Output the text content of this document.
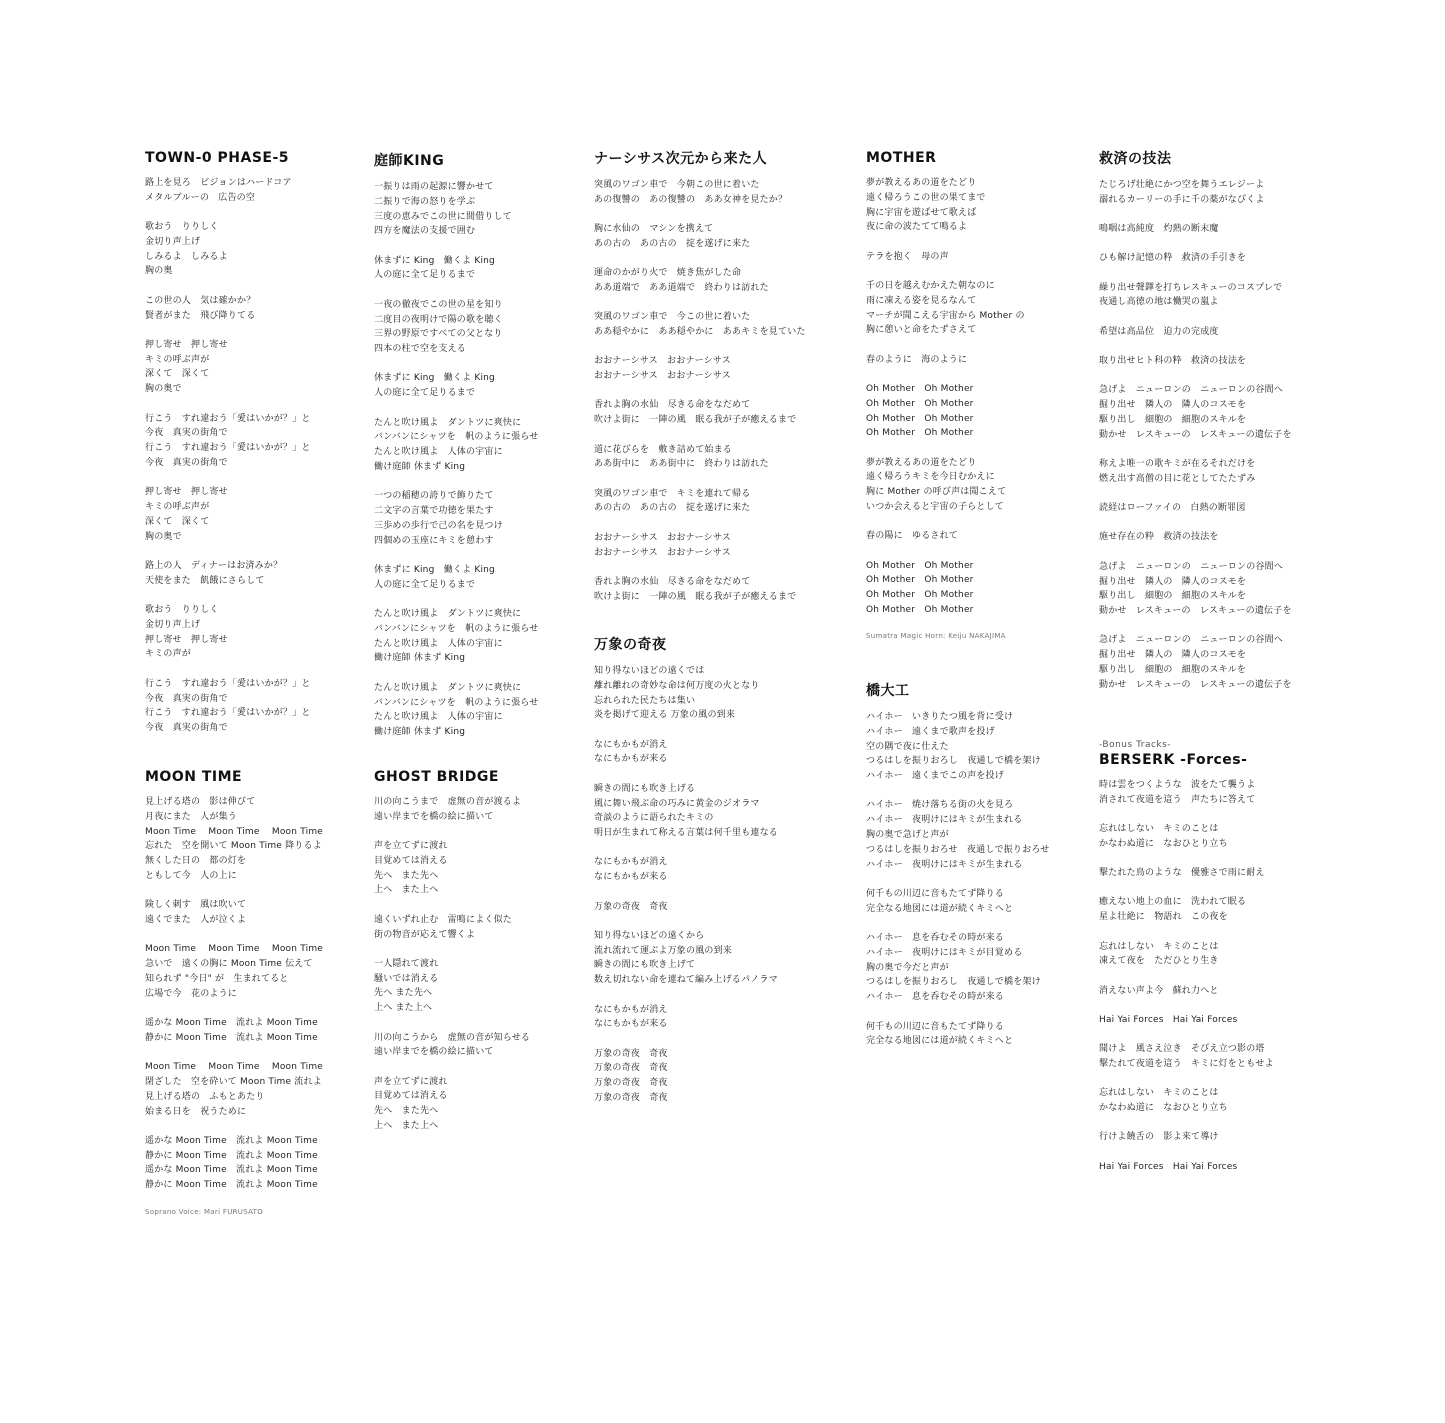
TOWN-0 PHASE-5
路上を見ろ　ビジョンはハードコア
メタルブルーの　広告の空
歌おう　りりしく
金切り声上げ
しみるよ　しみるよ
胸の奥
この世の人　気は確かか？
賢者がまた　飛び降りてる
押し寄せ　押し寄せ
キミの呼ぶ声が
深くて　深くて
胸の奥で
行こう　すれ違おう「愛はいかが？」と
今夜　真実の街角で
行こう　すれ違おう「愛はいかが？」と
今夜　真実の街角で
押し寄せ　押し寄せ
キミの呼ぶ声が
深くて　深くて
胸の奥で
路上の人　ディナーはお済みか？
天使をまた　飢餓にさらして
歌おう　りりしく
金切り声上げ
押し寄せ　押し寄せ
キミの声が
行こう　すれ違おう「愛はいかが？」と
今夜　真実の街角で
行こう　すれ違おう「愛はいかが？」と
今夜　真実の街角で
MOON TIME
見上げる塔の　影は伸びて
月夜にまた　人が集う
Moon Time　 Moon Time　 Moon Time
忘れた　空を開いて Moon Time 降りるよ
無くした日の　都の灯を
ともして今　人の上に
険しく刺す　風は吹いて
遠くでまた　人が泣くよ
Moon Time　 Moon Time　 Moon Time
急いで　遠くの胸に Moon Time 伝えて
知られず "今日" が　生まれてると
広場で今　花のように
遥かな Moon Time　流れよ Moon Time
静かに Moon Time　流れよ Moon Time
Moon Time　 Moon Time　 Moon Time
閉ざした　空を砕いて Moon Time 流れよ
見上げる塔の　ふもとあたり
始まる日を　祝うために
遥かな Moon Time　流れよ Moon Time
静かに Moon Time　流れよ Moon Time
遥かな Moon Time　流れよ Moon Time
静かに Moon Time　流れよ Moon Time
Soprano Voice: Mari FURUSATO
庭師KING
一振りは雨の起源に響かせて
二振りで海の怒りを学ぶ
三度の恵みでこの世に間借りして
四方を魔法の支援で囲む
休まずに King　働くよ King
人の庭に全て足りるまで
一夜の徹夜でこの世の星を知り
二度目の夜明けで陽の歌を聴く
三界の野原ですべての父となり
四本の柱で空を支える
休まずに King　働くよ King
人の庭に全て足りるまで
たんと吹け風よ　ダントツに爽快に
バンバンにシャツを　帆のように張らせ
たんと吹け風よ　人体の宇宙に
働け庭師 休まず King
一つの稲穂の誇りで飾りたて
二文字の言葉で功徳を果たす
三歩めの歩行で己の名を見つけ
四個めの玉座にキミを憩わす
休まずに King　働くよ King
人の庭に全て足りるまで
たんと吹け風よ　ダントツに爽快に
バンバンにシャツを　帆のように張らせ
たんと吹け風よ　人体の宇宙に
働け庭師 休まず King
たんと吹け風よ　ダントツに爽快に
バンバンにシャツを　帆のように張らせ
たんと吹け風よ　人体の宇宙に
働け庭師 休まず King
GHOST BRIDGE
川の向こうまで　虚無の音が渡るよ
遠い岸までを橋の絵に描いて
声を立てずに渡れ
目覚めては消える
先へ　また先へ
上へ　また上へ
遠くいずれ止む　雷鳴によく似た
街の物音が応えて響くよ
一人隠れて渡れ
騒いでは消える
先へ また先へ
上へ また上へ
川の向こうから　虚無の音が知らせる
遠い岸までを橋の絵に描いて
声を立てずに渡れ
目覚めては消える
先へ　また先へ
上へ　また上へ
ナーシサス次元から来た人
突風のワゴン車で　今朝この世に着いた
あの復讐の　あの復讐の　ああ女神を見たか？
胸に水仙の　マシンを携えて
あの古の　あの古の　掟を遂げに来た
運命のかがり火で　焼き焦がした命
ああ道端で　ああ道端で　終わりは訪れた
突風のワゴン車で　今この世に着いた
ああ穏やかに　ああ穏やかに　ああキミを見ていた
おおナーシサス　おおナーシサス
おおナーシサス　おおナーシサス
香れよ胸の水仙　尽きる命をなだめて
吹けよ街に　一陣の風　眠る我が子が癒えるまで
道に花びらを　敷き詰めて始まる
ああ街中に　ああ街中に　終わりは訪れた
突風のワゴン車で　キミを連れて帰る
あの古の　あの古の　掟を遂げに来た
おおナーシサス　おおナーシサス
おおナーシサス　おおナーシサス
香れよ胸の水仙　尽きる命をなだめて
吹けよ街に　一陣の風　眠る我が子が癒えるまで
万象の奇夜
知り得ないほどの遠くでは
離れ離れの奇妙な命は何万度の火となり
忘れられた民たちは集い
炎を掲げて迎える 万象の風の到来
なにもかもが消え
なにもかもが来る
瞬きの間にも吹き上げる
風に舞い飛ぶ命の巧みに黄金のジオラマ
奇談のように語られたキミの
明日が生まれて称える言葉は何千里も連なる
なにもかもが消え
なにもかもが来る
万象の奇夜　奇夜
知り得ないほどの遠くから
流れ流れて運ぶよ万象の風の到来
瞬きの間にも吹き上げて
数え切れない命を連ねて編み上げるパノラマ
なにもかもが消え
なにもかもが来る
万象の奇夜　奇夜
万象の奇夜　奇夜
万象の奇夜　奇夜
万象の奇夜　奇夜
MOTHER
夢が教えるあの道をたどり
遠く帰ろうこの世の果てまで
胸に宇宙を遊ばせて歌えば
夜に命の波たてて鳴るよ
テラを抱く　母の声
千の日を越えむかえた朝なのに
雨に凍える姿を見るなんて
マーチが聞こえる宇宙から Mother の
胸に憩いと命をたずさえて
春のように　海のように
Oh Mother　Oh Mother
Oh Mother　Oh Mother
Oh Mother　Oh Mother
Oh Mother　Oh Mother
夢が教えるあの道をたどり
遠く帰ろうキミを今日むかえに
胸に Mother の呼び声は聞こえて
いつか会えると宇宙の子らとして
春の陽に　ゆるされて
Oh Mother　Oh Mother
Oh Mother　Oh Mother
Oh Mother　Oh Mother
Oh Mother　Oh Mother
Sumatra Magic Horn: Keiju NAKAJIMA
橋大工
ハイホー　いきりたつ風を背に受け
ハイホー　遠くまで歌声を投げ
空の隅で夜に仕えた
つるはしを振りおろし　夜通しで橋を架け
ハイホー　遠くまでこの声を投げ
ハイホー　焼け落ちる街の火を見ろ
ハイホー　夜明けにはキミが生まれる
胸の奥で急げと声が
つるはしを振りおろせ　夜通しで振りおろせ
ハイホー　夜明けにはキミが生まれる
何千もの川辺に音もたてず降りる
完全なる地図には道が続くキミへと
ハイホー　息を呑むその時が来る
ハイホー　夜明けにはキミが目覚める
胸の奥で今だと声が
つるはしを振りおろし　夜通しで橋を架け
ハイホー　息を呑むその時が来る
何千もの川辺に音もたてず降りる
完全なる地図には道が続くキミへと
救済の技法
たじろげ壮絶にかつ空を舞うエレジーよ
溺れるカーリーの手に千の薬がなびくよ
鳴咽は高純度　灼熱の断末魔
ひも解け記憶の粋　救済の手引きを
繰り出せ聲鐸を打ちレスキューのコスプレで
夜通し高徳の地は慟哭の嵐よ
希望は高品位　迫力の完成度
取り出せヒト科の粋　救済の技法を
急げよ　ニューロンの　ニューロンの谷間へ
掘り出せ　隣人の　隣人のコスモを
駆り出し　細胞の　細胞のスキルを
動かせ　レスキューの　レスキューの遺伝子を
称えよ唯一の歌キミが在るそれだけを
燃え出す高僧の目に花としてたたずみ
読経はローファイの　白熱の断罪図
施せ存在の粋　救済の技法を
急げよ　ニューロンの　ニューロンの谷間へ
掘り出せ　隣人の　隣人のコスモを
駆り出し　細胞の　細胞のスキルを
動かせ　レスキューの　レスキューの遺伝子を
急げよ　ニューロンの　ニューロンの谷間へ
掘り出せ　隣人の　隣人のコスモを
駆り出し　細胞の　細胞のスキルを
動かせ　レスキューの　レスキューの遺伝子を
-Bonus Tracks-
BERSERK -Forces-
時は雲をつくような　波をたて襲うよ
消されて夜道を這う　声たちに答えて
忘れはしない　キミのことは
かなわぬ道に　なおひとり立ち
撃たれた鳥のような　優雅さで雨に耐え
癒えない地上の血に　洗われて眠る
星よ壮絶に　物語れ　この夜を
忘れはしない　キミのことは
凍えて夜を　ただひとり生き
消えない声よ今　蘇れ力へと
Hai Yai Forces　Hai Yai Forces
聞けよ　風さえ泣き　そびえ立つ影の塔
撃たれて夜道を這う　キミに灯をともせよ
忘れはしない　キミのことは
かなわぬ道に　なおひとり立ち
行けよ饒舌の　影よ来て導け
Hai Yai Forces　Hai Yai Forces
